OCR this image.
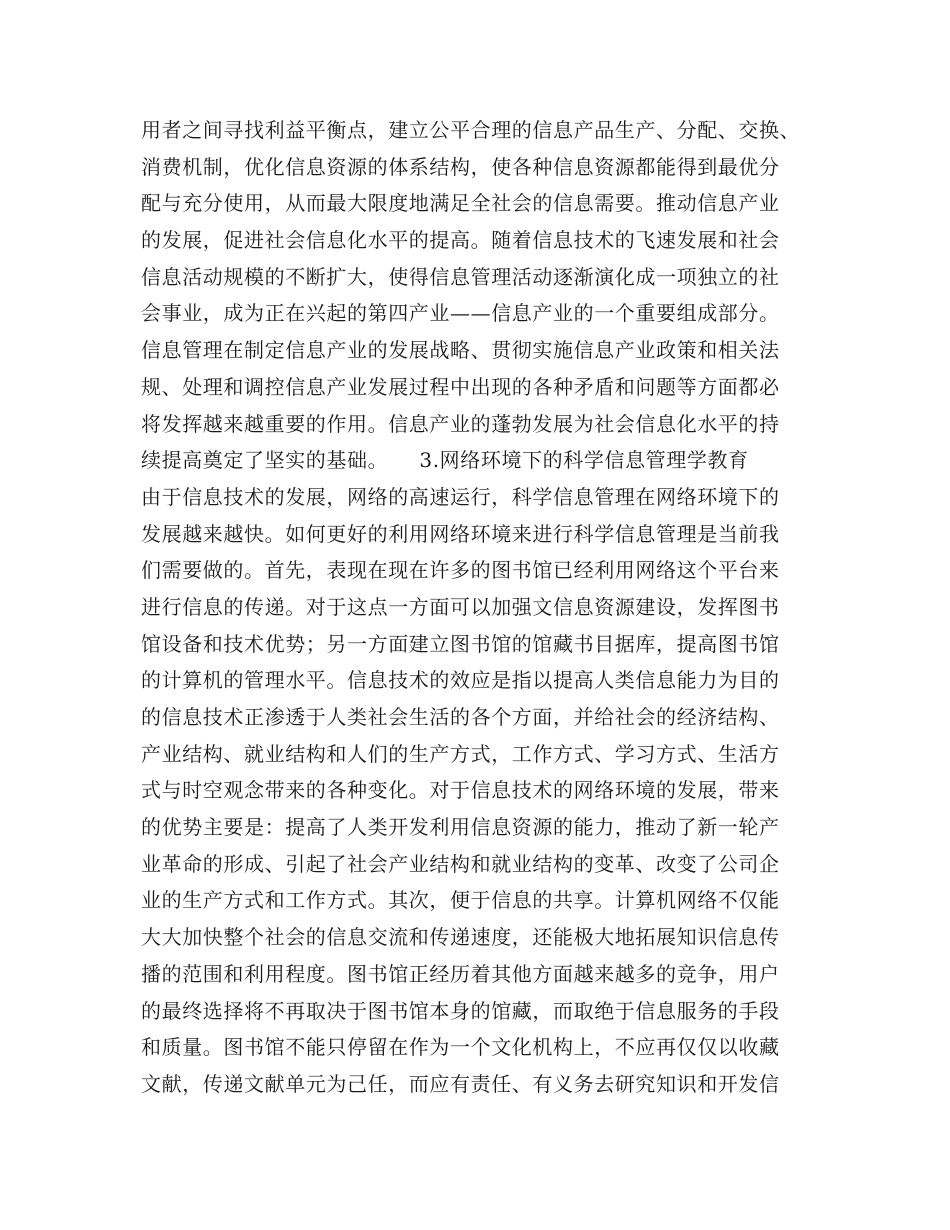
用者之间寻找利益平衡点，建立公平合理的信息产品生产、分配、交换、
消费机制，优化信息资源的体系结构，使各种信息资源都能得到最优分
配与充分使用，从而最大限度地满足全社会的信息需要。推动信息产业
的发展，促进社会信息化水平的提高。随着信息技术的飞速发展和社会
信息活动规模的不断扩大，使得信息管理活动逐渐演化成一项独立的社
会事业，成为正在兴起的第四产业——信息产业的一个重要组成部分。
信息管理在制定信息产业的发展战略、贯彻实施信息产业政策和相关法
规、处理和调控信息产业发展过程中出现的各种矛盾和问题等方面都必
将发挥越来越重要的作用。信息产业的蓬勃发展为社会信息化水平的持
续提高奠定了坚实的基础。　　3.网络环境下的科学信息管理学教育
由于信息技术的发展，网络的高速运行，科学信息管理在网络环境下的
发展越来越快。如何更好的利用网络环境来进行科学信息管理是当前我
们需要做的。首先，表现在现在许多的图书馆已经利用网络这个平台来
进行信息的传递。对于这点一方面可以加强文信息资源建设，发挥图书
馆设备和技术优势；另一方面建立图书馆的馆藏书目据库，提高图书馆
的计算机的管理水平。信息技术的效应是指以提高人类信息能力为目的
的信息技术正渗透于人类社会生活的各个方面，并给社会的经济结构、
产业结构、就业结构和人们的生产方式，工作方式、学习方式、生活方
式与时空观念带来的各种变化。对于信息技术的网络环境的发展，带来
的优势主要是：提高了人类开发利用信息资源的能力，推动了新一轮产
业革命的形成、引起了社会产业结构和就业结构的变革、改变了公司企
业的生产方式和工作方式。其次，便于信息的共享。计算机网络不仅能
大大加快整个社会的信息交流和传递速度，还能极大地拓展知识信息传
播的范围和利用程度。图书馆正经历着其他方面越来越多的竞争，用户
的最终选择将不再取决于图书馆本身的馆藏，而取绝于信息服务的手段
和质量。图书馆不能只停留在作为一个文化机构上，不应再仅仅以收藏
文献，传递文献单元为己任，而应有责任、有义务去研究知识和开发信
